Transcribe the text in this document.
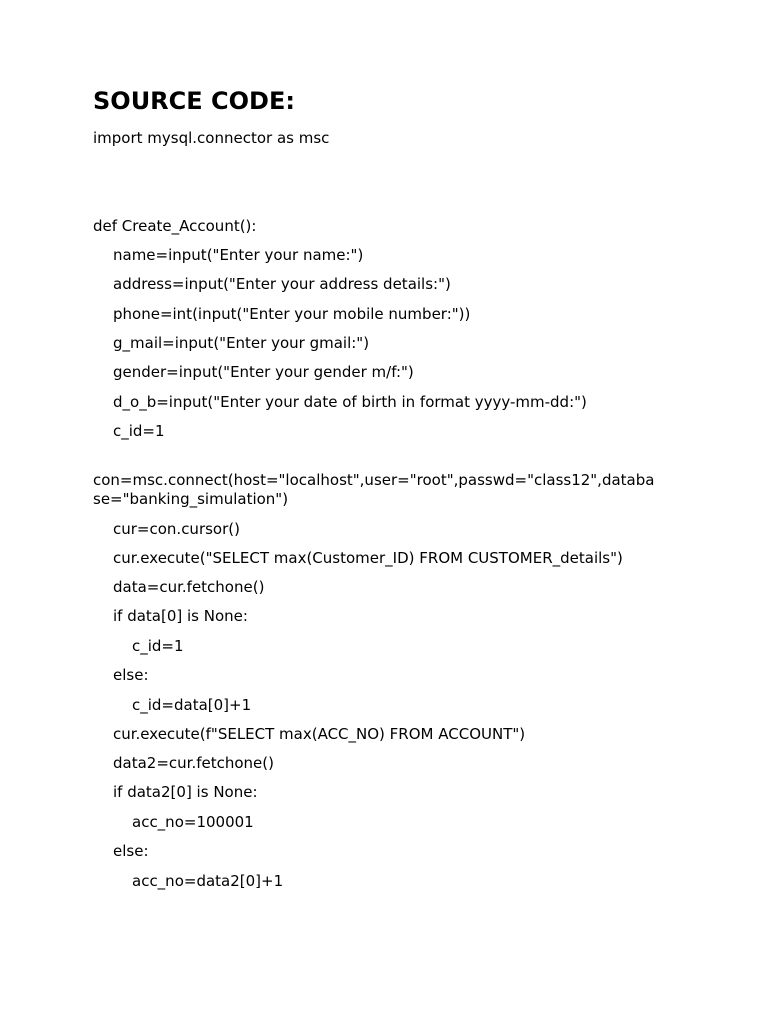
SOURCE CODE:
import mysql.connector as msc
def Create_Account():
name=input("Enter your name:")
address=input("Enter your address details:")
phone=int(input("Enter your mobile number:"))
g_mail=input("Enter your gmail:")
gender=input("Enter your gender m/f:")
d_o_b=input("Enter your date of birth in format yyyy-mm-dd:")
c_id=1
con=msc.connect(host="localhost",user="root",passwd="class12",databa
se="banking_simulation")
cur=con.cursor()
cur.execute("SELECT max(Customer_ID) FROM CUSTOMER_details")
data=cur.fetchone()
if data[0] is None:
c_id=1
else:
c_id=data[0]+1
cur.execute(f"SELECT max(ACC_NO) FROM ACCOUNT")
data2=cur.fetchone()
if data2[0] is None:
acc_no=100001
else:
acc_no=data2[0]+1
